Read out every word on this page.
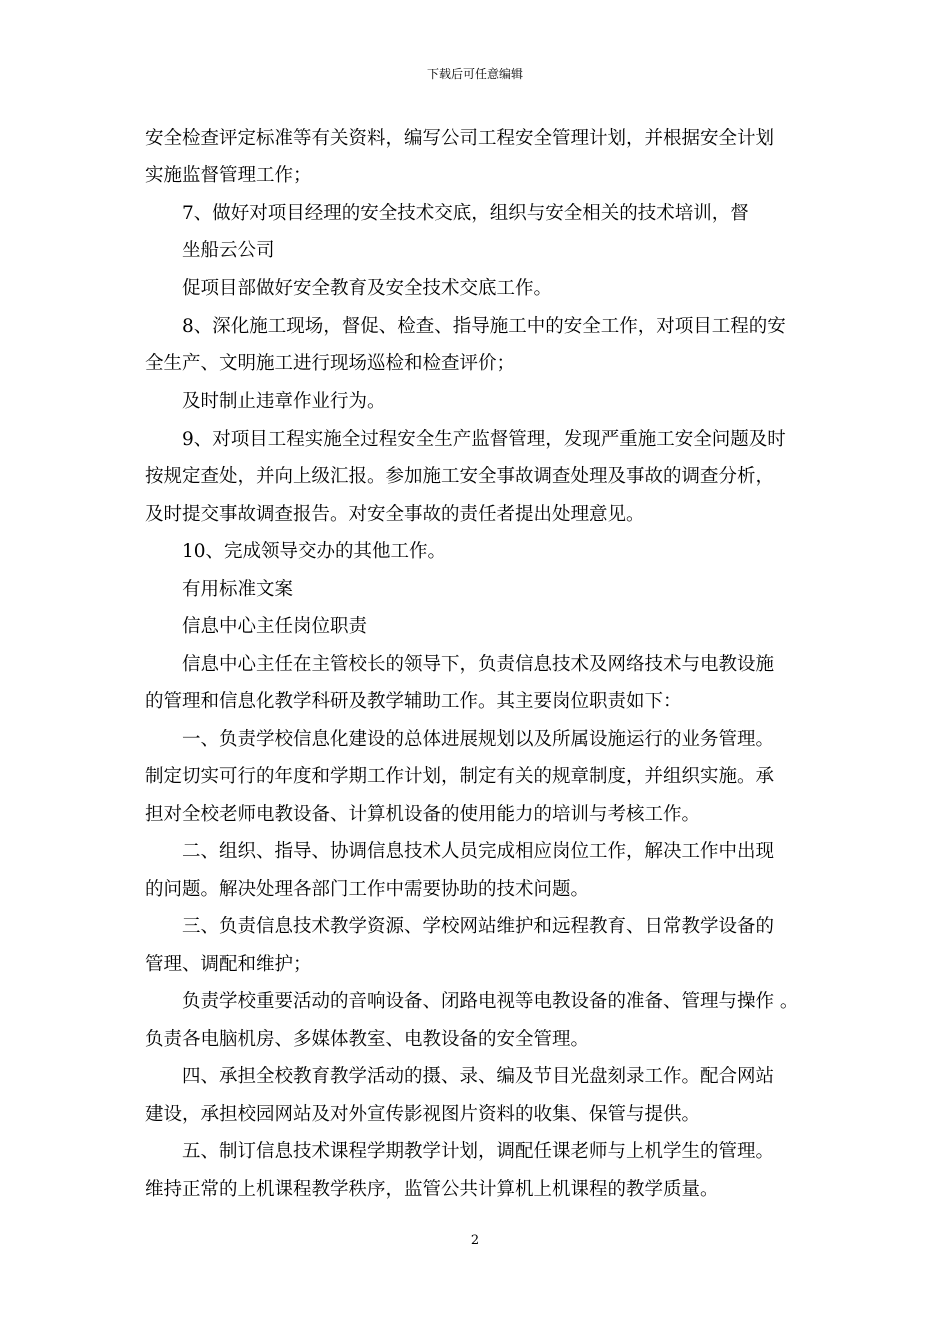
下载后可任意编辑
安全检查评定标准等有关资料，编写公司工程安全管理计划，并根据安全计划
实施监督管理工作；
7、做好对项目经理的安全技术交底，组织与安全相关的技术培训，督
坐船云公司
促项目部做好安全教育及安全技术交底工作。
8、深化施工现场，督促、检查、指导施工中的安全工作，对项目工程的安
全生产、文明施工进行现场巡检和检查评价；
及时制止违章作业行为。
9、对项目工程实施全过程安全生产监督管理，发现严重施工安全问题及时
按规定查处，并向上级汇报。参加施工安全事故调查处理及事故的调查分析，
及时提交事故调查报告。对安全事故的责任者提出处理意见。
10、完成领导交办的其他工作。
有用标准文案
信息中心主任岗位职责
信息中心主任在主管校长的领导下，负责信息技术及网络技术与电教设施
的管理和信息化教学科研及教学辅助工作。其主要岗位职责如下：
一、负责学校信息化建设的总体进展规划以及所属设施运行的业务管理。
制定切实可行的年度和学期工作计划，制定有关的规章制度，并组织实施。承
担对全校老师电教设备、计算机设备的使用能力的培训与考核工作。
二、组织、指导、协调信息技术人员完成相应岗位工作，解决工作中出现
的问题。解决处理各部门工作中需要协助的技术问题。
三、负责信息技术教学资源、学校网站维护和远程教育、日常教学设备的
管理、调配和维护；
负责学校重要活动的音响设备、闭路电视等电教设备的准备、管理与操作 。
负责各电脑机房、多媒体教室、电教设备的安全管理。
四、承担全校教育教学活动的摄、录、编及节目光盘刻录工作。配合网站
建设，承担校园网站及对外宣传影视图片资料的收集、保管与提供。
五、制订信息技术课程学期教学计划，调配任课老师与上机学生的管理。
维持正常的上机课程教学秩序，监管公共计算机上机课程的教学质量。
2
